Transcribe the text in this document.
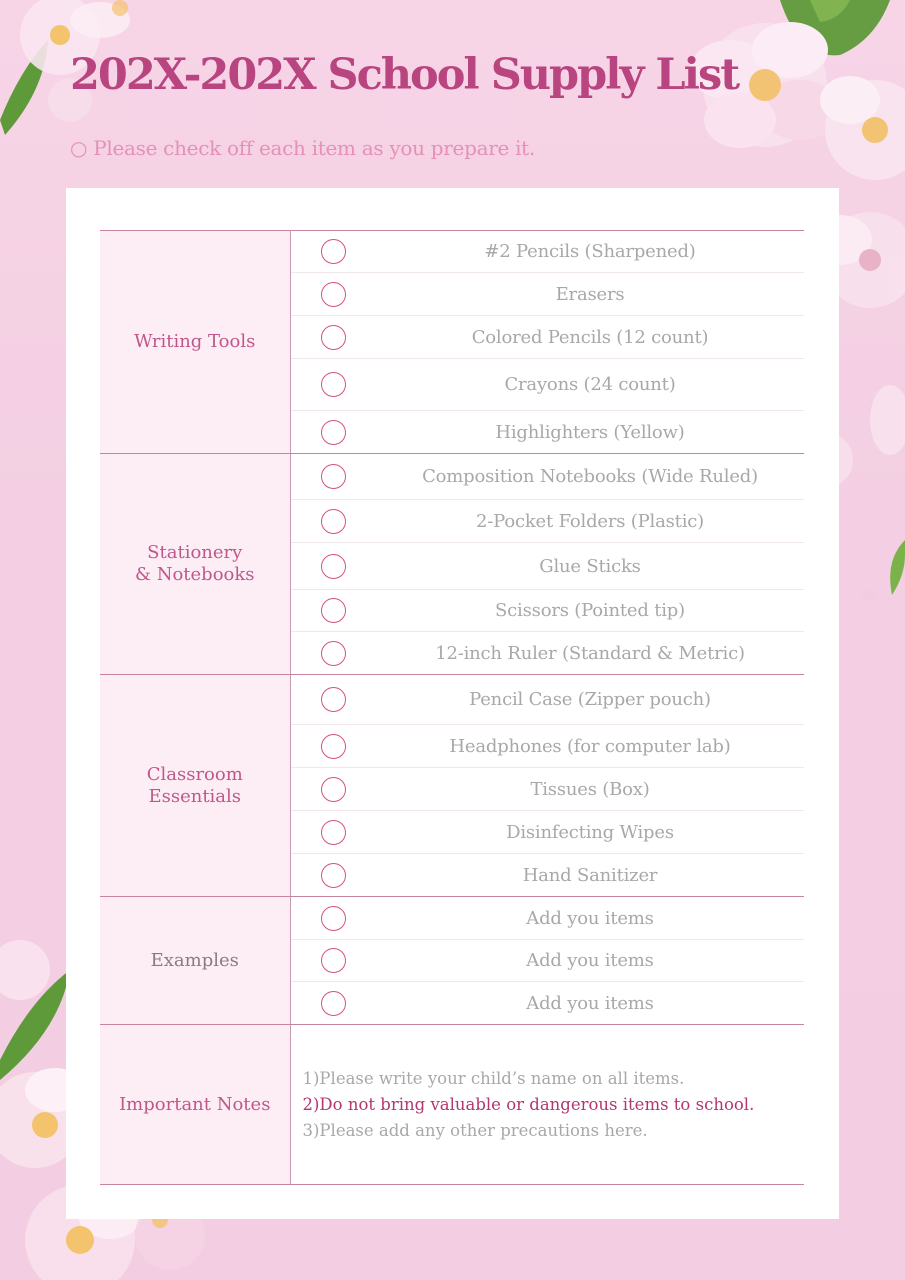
202X-202X School Supply List
○ Please check off each item as you prepare it.
Writing Tools		#2 Pencils (Sharpened)
		Erasers
		Colored Pencils (12 count)
		Crayons (24 count)
		Highlighters (Yellow)
Stationery
& Notebooks		Composition Notebooks (Wide Ruled)
		2-Pocket Folders (Plastic)
		Glue Sticks
		Scissors (Pointed tip)
		12-inch Ruler (Standard & Metric)
Classroom
Essentials		Pencil Case (Zipper pouch)
		Headphones (for computer lab)
		Tissues (Box)
		Disinfecting Wipes
		Hand Sanitizer
Examples		Add you items
		Add you items
		Add you items
Important Notes	1)Please write your child’s name on all items.
2)Do not bring valuable or dangerous items to school.
3)Please add any other precautions here.	
